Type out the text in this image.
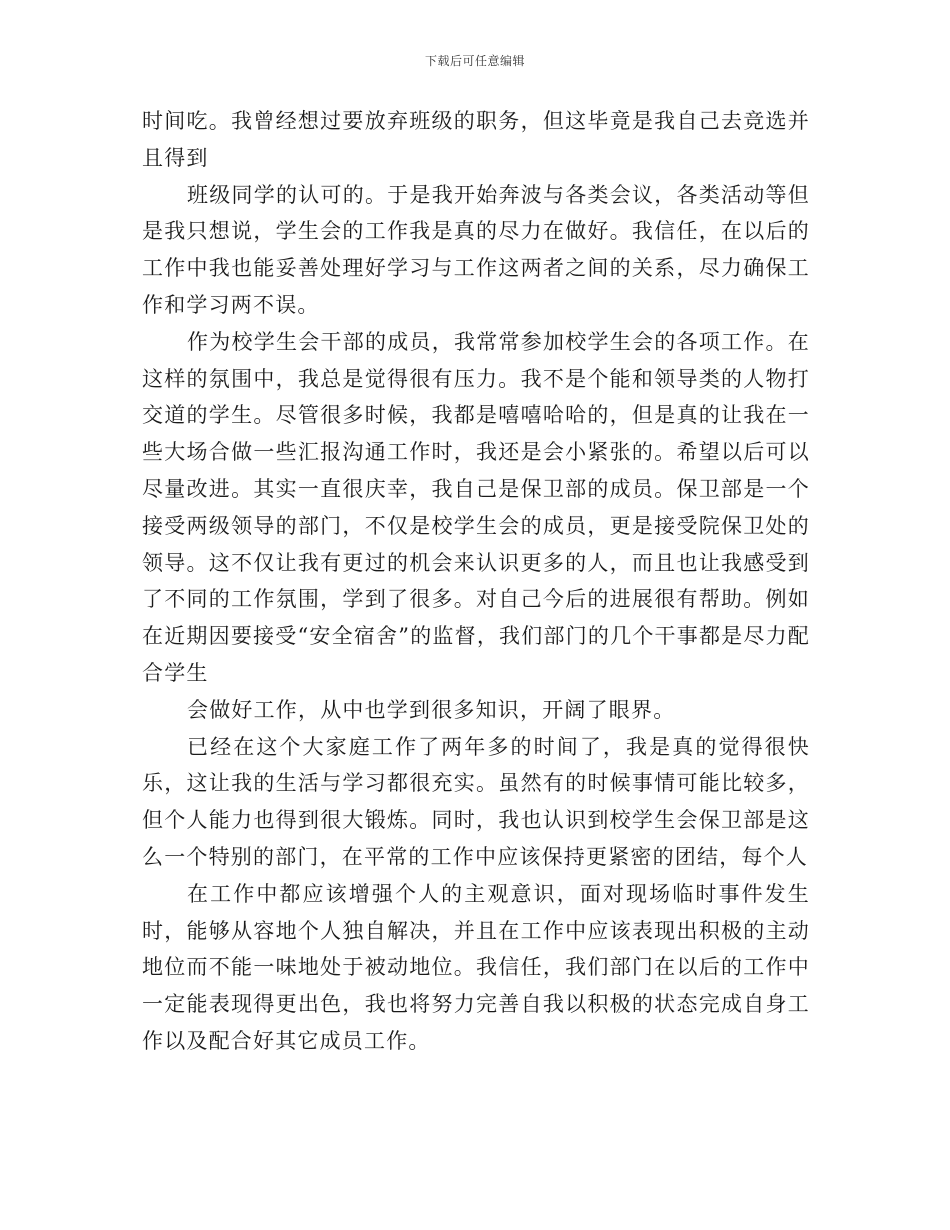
下载后可任意编辑

时间吃。我曾经想过要放弃班级的职务，但这毕竟是我自己去竞选并且得到

班级同学的认可的。于是我开始奔波与各类会议，各类活动等但是我只想说，学生会的工作我是真的尽力在做好。我信任，在以后的工作中我也能妥善处理好学习与工作这两者之间的关系，尽力确保工作和学习两不误。

作为校学生会干部的成员，我常常参加校学生会的各项工作。在这样的氛围中，我总是觉得很有压力。我不是个能和领导类的人物打交道的学生。尽管很多时候，我都是嘻嘻哈哈的，但是真的让我在一些大场合做一些汇报沟通工作时，我还是会小紧张的。希望以后可以尽量改进。其实一直很庆幸，我自己是保卫部的成员。保卫部是一个接受两级领导的部门，不仅是校学生会的成员，更是接受院保卫处的领导。这不仅让我有更过的机会来认识更多的人，而且也让我感受到了不同的工作氛围，学到了很多。对自己今后的进展很有帮助。例如在近期因要接受“安全宿舍”的监督，我们部门的几个干事都是尽力配合学生

会做好工作，从中也学到很多知识，开阔了眼界。

已经在这个大家庭工作了两年多的时间了，我是真的觉得很快乐，这让我的生活与学习都很充实。虽然有的时候事情可能比较多，但个人能力也得到很大锻炼。同时，我也认识到校学生会保卫部是这么一个特别的部门，在平常的工作中应该保持更紧密的团结，每个人

在工作中都应该增强个人的主观意识，面对现场临时事件发生时，能够从容地个人独自解决，并且在工作中应该表现出积极的主动地位而不能一味地处于被动地位。我信任，我们部门在以后的工作中一定能表现得更出色，我也将努力完善自我以积极的状态完成自身工作以及配合好其它成员工作。
